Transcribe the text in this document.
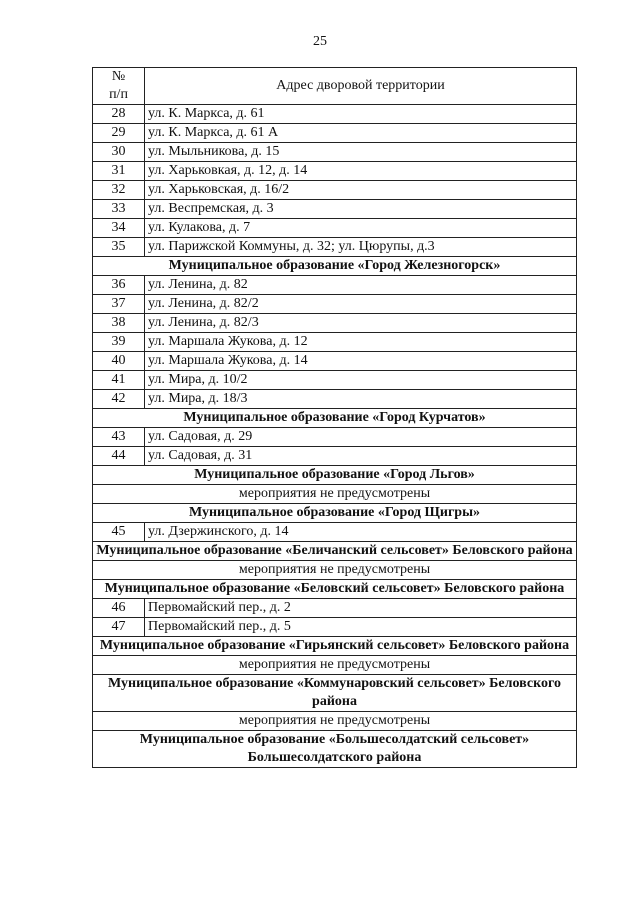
25
№
п/п	Адрес дворовой территории
28	ул. К. Маркса, д. 61
29	ул. К. Маркса, д. 61 А
30	ул. Мыльникова, д. 15
31	ул. Харьковкая, д. 12, д. 14
32	ул. Харьковская, д. 16/2
33	ул. Веспремская, д. 3
34	ул. Кулакова, д. 7
35	ул. Парижской Коммуны, д. 32; ул. Цюрупы, д.3
Муниципальное образование «Город Железногорск»	
36	ул. Ленина, д. 82
37	ул. Ленина, д. 82/2
38	ул. Ленина, д. 82/3
39	ул. Маршала Жукова, д. 12
40	ул. Маршала Жукова, д. 14
41	ул. Мира, д. 10/2
42	ул. Мира, д. 18/3
Муниципальное образование «Город Курчатов»	
43	ул. Садовая, д. 29
44	ул. Садовая, д. 31
Муниципальное образование «Город Льгов»	
мероприятия не предусмотрены	
Муниципальное образование «Город Щигры»	
45	ул. Дзержинского, д. 14
Муниципальное образование «Беличанский сельсовет» Беловского района	
мероприятия не предусмотрены	
Муниципальное образование «Беловский сельсовет» Беловского района	
46	Первомайский пер., д. 2
47	Первомайский пер., д. 5
Муниципальное образование «Гирьянский сельсовет» Беловского района	
мероприятия не предусмотрены	
Муниципальное образование «Коммунаровский сельсовет» Беловского района	
мероприятия не предусмотрены	
Муниципальное образование «Большесолдатский сельсовет» Большесолдатского района	
